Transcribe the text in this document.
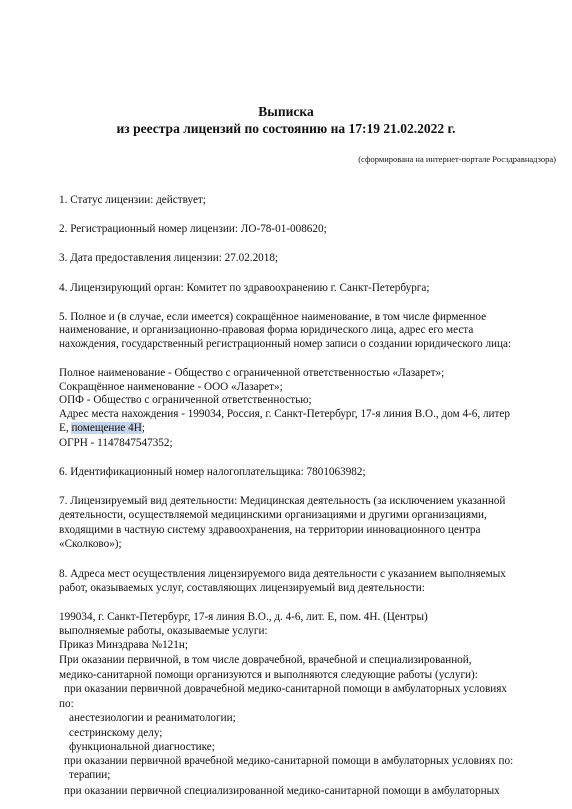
Выписка
из реестра лицензий по состоянию на 17:19 21.02.2022 г.
(сформирована на интернет-портале Росздравнадзора)
1. Статус лицензии: действует;
2. Регистрационный номер лицензии: ЛО-78-01-008620;
3. Дата предоставления лицензии: 27.02.2018;
4. Лицензирующий орган: Комитет по здравоохранению г. Санкт-Петербурга;
5. Полное и (в случае, если имеется) сокращённое наименование, в том числе фирменное
наименование, и организационно-правовая форма юридического лица, адрес его места
нахождения, государственный регистрационный номер записи о создании юридического лица:
Полное наименование - Общество с ограниченной ответственностью «Лазарет»;
Сокращённое наименование - ООО «Лазарет»;
ОПФ - Общество с ограниченной ответственностью;
Адрес места нахождения - 199034, Россия, г. Санкт-Петербург, 17-я линия В.О., дом 4-6, литер
Е, помещение 4Н;
ОГРН - 1147847547352;
6. Идентификационный номер налогоплательщика: 7801063982;
7. Лицензируемый вид деятельности: Медицинская деятельность (за исключением указанной
деятельности, осуществляемой медицинскими организациями и другими организациями,
входящими в частную систему здравоохранения, на территории инновационного центра
«Сколково»);
8. Адреса мест осуществления лицензируемого вида деятельности с указанием выполняемых
работ, оказываемых услуг, составляющих лицензируемый вид деятельности:
199034, г. Санкт-Петербург, 17-я линия В.О., д. 4-6, лит. Е, пом. 4Н. (Центры)
выполняемые работы, оказываемые услуги:
Приказ Минздрава №121н;
При оказании первичной, в том числе доврачебной, врачебной и специализированной,
медико-санитарной помощи организуются и выполняются следующие работы (услуги):
при оказании первичной доврачебной медико-санитарной помощи в амбулаторных условиях
по:
анестезиологии и реаниматологии;
сестринскому делу;
функциональной диагностике;
при оказании первичной врачебной медико-санитарной помощи в амбулаторных условиях по:
терапии;
при оказании первичной специализированной медико-санитарной помощи в амбулаторных
